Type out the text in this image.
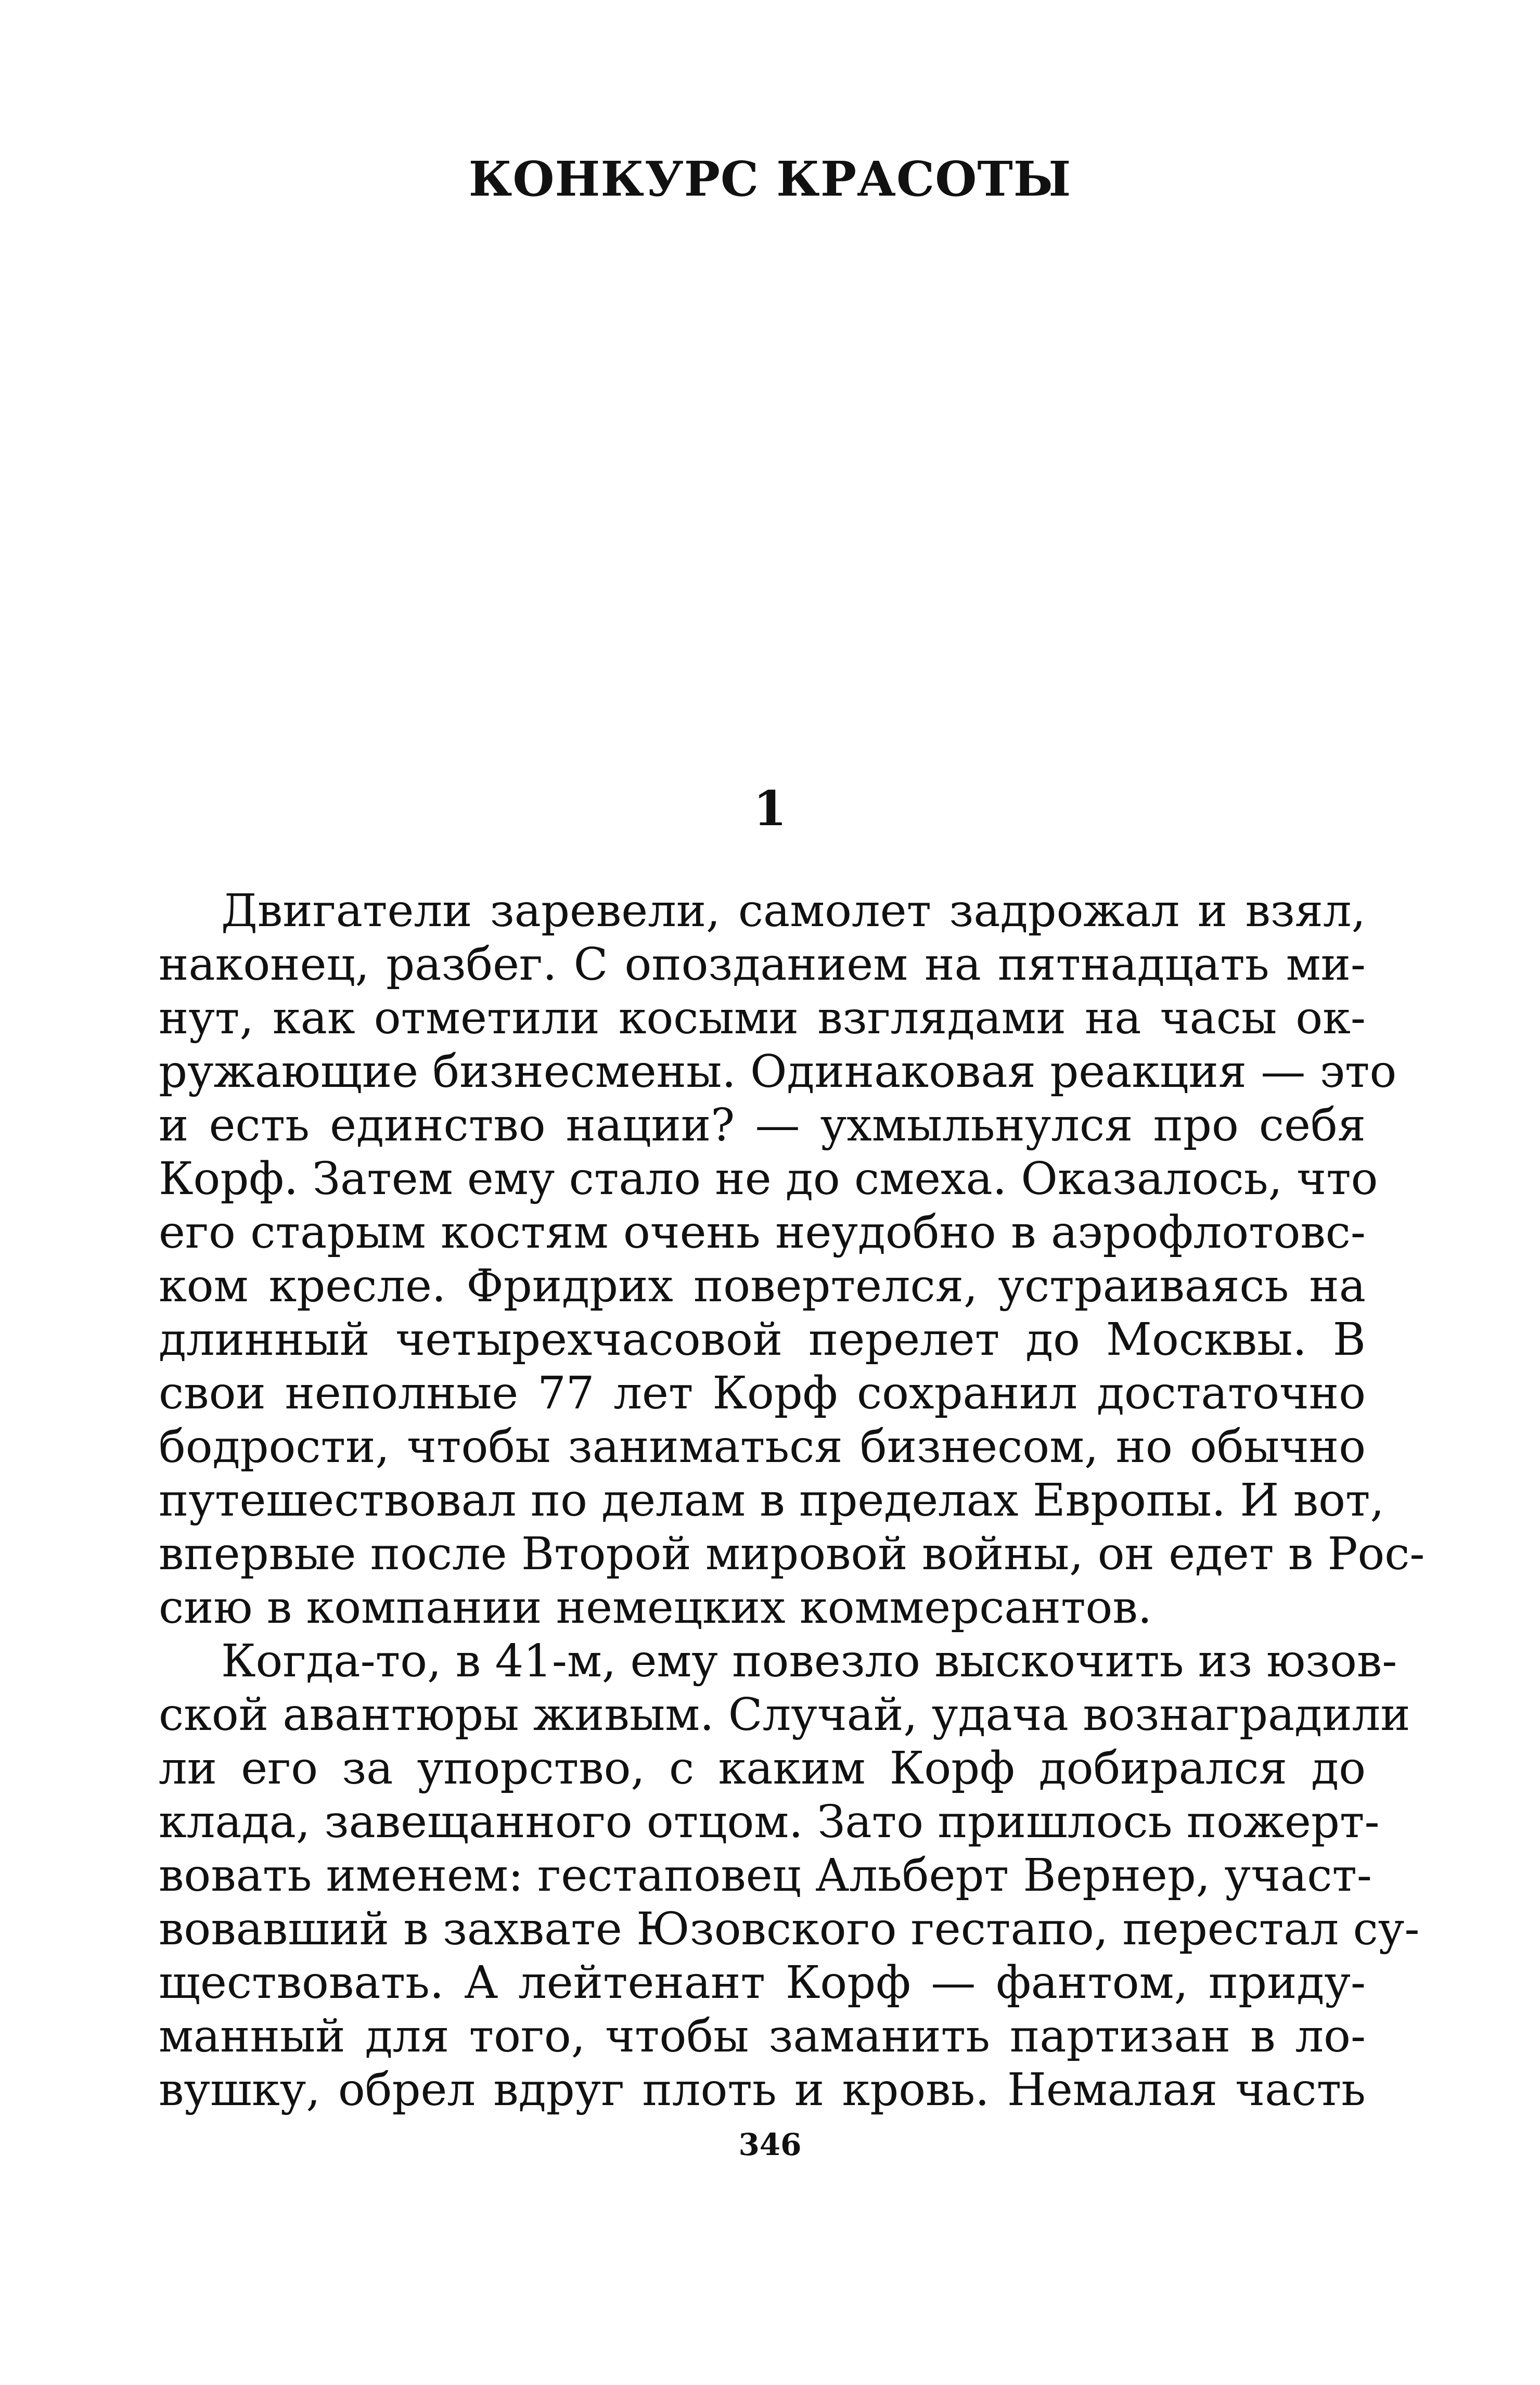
КОНКУРС КРАСОТЫ
1
Двигатели заревели, самолет задрожал и взял,
наконец, разбег. С опозданием на пятнадцать ми-
нут, как отметили косыми взглядами на часы ок-
ружающие бизнесмены. Одинаковая реакция — это
и есть единство нации? — ухмыльнулся про себя
Корф. Затем ему стало не до смеха. Оказалось, что
его старым костям очень неудобно в аэрофлотовс-
ком кресле. Фридрих повертелся, устраиваясь на
длинный четырехчасовой перелет до Москвы. В
свои неполные 77 лет Корф сохранил достаточно
бодрости, чтобы заниматься бизнесом, но обычно
путешествовал по делам в пределах Европы. И вот,
впервые после Второй мировой войны, он едет в Рос-
сию в компании немецких коммерсантов.
Когда-то, в 41-м, ему повезло выскочить из юзов-
ской авантюры живым. Случай, удача вознаградили
ли его за упорство, с каким Корф добирался до
клада, завещанного отцом. Зато пришлось пожерт-
вовать именем: гестаповец Альберт Вернер, участ-
вовавший в захвате Юзовского гестапо, перестал су-
ществовать. А лейтенант Корф — фантом, приду-
манный для того, чтобы заманить партизан в ло-
вушку, обрел вдруг плоть и кровь. Немалая часть
346
